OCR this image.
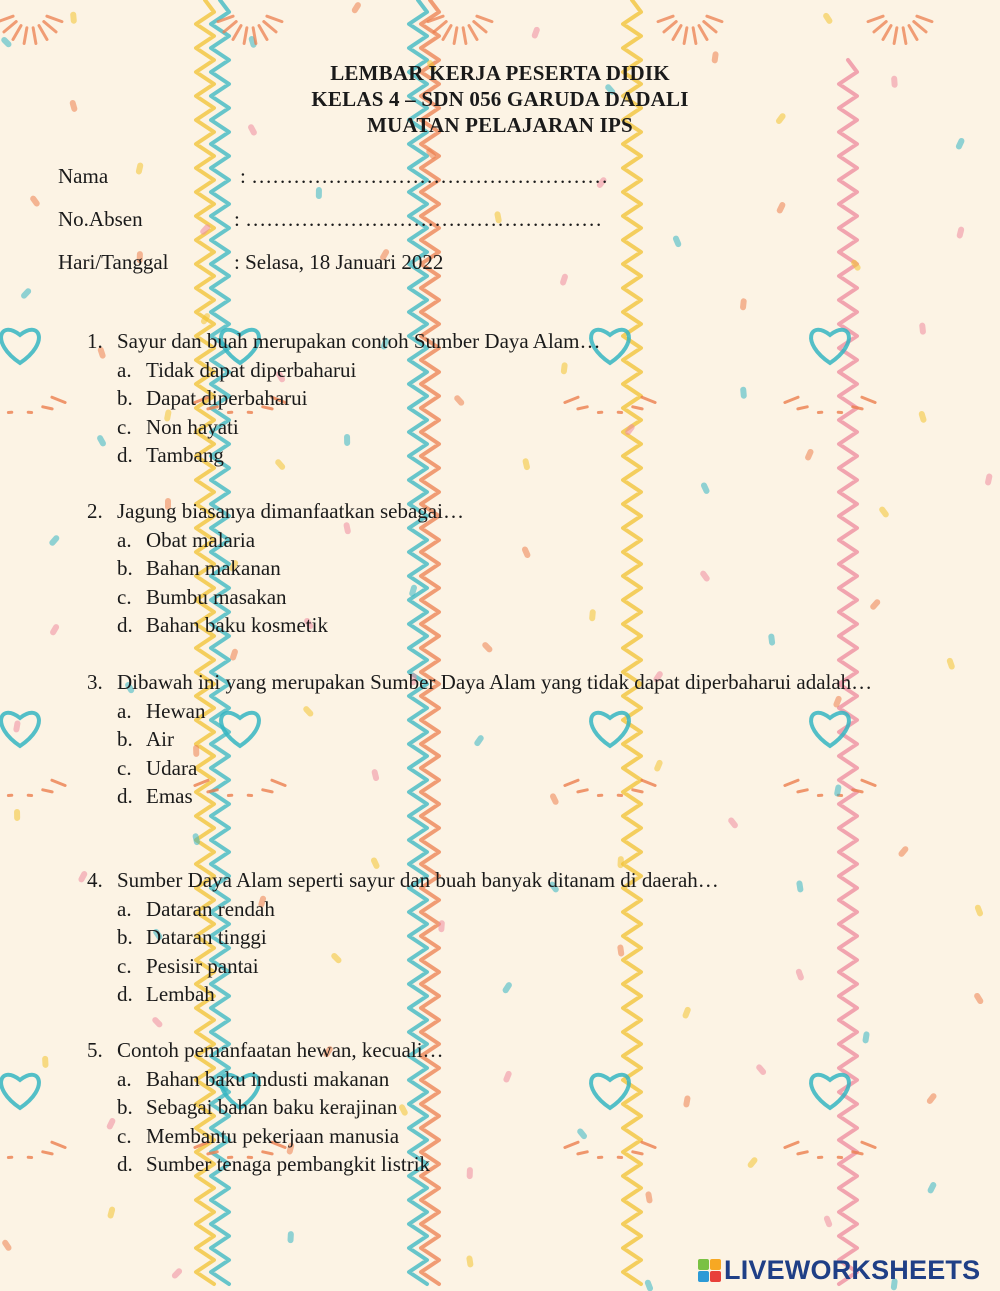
LEMBAR KERJA PESERTA DIDIK
KELAS 4 – SDN 056 GARUDA DADALI
MUATAN PELAJARAN IPS
Nama	: ……………………………………………
No.Absen	: ……………………………………………
Hari/Tanggal	: Selasa, 18 Januari 2022
1. Sayur dan buah merupakan contoh Sumber Daya Alam…
a. Tidak dapat diperbaharui
b. Dapat diperbaharui
c. Non hayati
d. Tambang
2. Jagung biasanya dimanfaatkan sebagai…
a. Obat malaria
b. Bahan makanan
c. Bumbu masakan
d. Bahan baku kosmetik
3. Dibawah ini yang merupakan Sumber Daya Alam yang tidak dapat diperbaharui adalah…
a. Hewan
b. Air
c. Udara
d. Emas
4. Sumber Daya Alam seperti sayur dan buah banyak ditanam di daerah…
a. Dataran rendah
b. Dataran tinggi
c. Pesisir pantai
d. Lembah
5. Contoh pemanfaatan hewan, kecuali…
a. Bahan baku industi makanan
b. Sebagai bahan baku kerajinan
c. Membantu pekerjaan manusia
d. Sumber tenaga pembangkit listrik
LIVEWORKSHEETS
